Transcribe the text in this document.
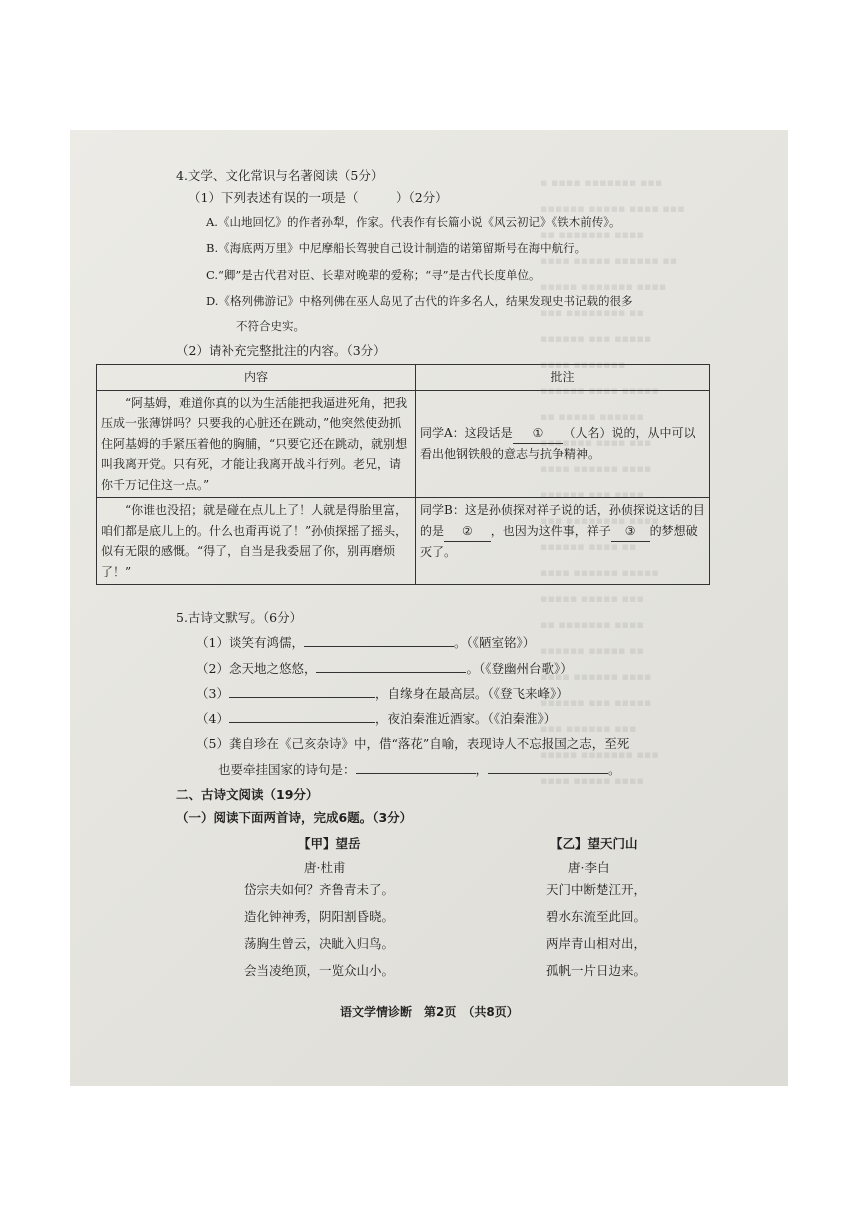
▪ ▪▪▪▪ ▪▪▪▪▪▪▪ ▪▪▪
▪▪▪▪▪▪ ▪▪▪▪▪ ▪▪▪▪ ▪▪▪
▪▪ ▪▪▪▪▪▪▪ ▪▪▪▪
▪▪▪▪ ▪▪▪▪▪ ▪▪▪▪▪▪ ▪▪
▪▪▪▪▪ ▪▪▪▪▪▪▪ ▪▪▪▪
▪▪▪ ▪▪▪▪▪▪▪▪ ▪▪
▪▪▪▪▪▪ ▪▪▪ ▪▪▪▪▪
▪▪▪▪ ▪▪▪▪▪▪▪
▪▪▪▪▪▪ ▪▪▪▪ ▪▪▪▪▪
▪▪ ▪▪▪▪▪ ▪▪▪▪▪▪
▪▪▪▪▪▪▪ ▪▪▪▪ ▪▪▪
▪▪▪▪ ▪▪▪▪▪▪ ▪▪▪▪
▪▪▪▪▪▪ ▪▪▪ ▪▪▪▪
▪▪▪ ▪▪▪▪▪▪▪▪ ▪▪▪▪
▪▪▪▪▪▪ ▪▪▪▪ ▪▪
▪▪▪▪ ▪▪▪▪▪▪ ▪▪▪▪▪
▪▪▪▪▪ ▪▪▪▪▪ ▪▪▪
▪▪ ▪▪▪▪▪▪▪ ▪▪▪▪
▪▪▪▪▪▪ ▪▪▪▪▪ ▪▪
▪▪▪▪ ▪▪▪▪▪▪ ▪▪▪▪
▪▪▪▪▪▪ ▪▪▪ ▪▪▪▪▪
▪▪▪ ▪▪▪▪▪▪ ▪▪▪
▪▪▪▪▪ ▪▪▪▪▪▪▪ ▪▪▪
▪▪▪▪ ▪▪▪▪▪ ▪▪▪▪
4.文学、文化常识与名著阅读（5分）
（1）下列表述有误的一项是（　　　）（2分）
A.《山地回忆》的作者孙犁，作家。代表作有长篇小说《风云初记》《铁木前传》。
B.《海底两万里》中尼摩船长驾驶自己设计制造的诺第留斯号在海中航行。
C.“卿”是古代君对臣、长辈对晚辈的爱称；“寻”是古代长度单位。
D.《格列佛游记》中格列佛在巫人岛见了古代的许多名人，结果发现史书记载的很多
不符合史实。
（2）请补充完整批注的内容。（3分）
内容	批注
“阿基姆，难道你真的以为生活能把我逼进死角，把我压成一张薄饼吗？只要我的心脏还在跳动，”他突然使劲抓住阿基姆的手紧压着他的胸脯，“只要它还在跳动，就别想叫我离开党。只有死，才能让我离开战斗行列。老兄，请你千万记住这一点。”	同学A：这段话是 ① （人名）说的，从中可以看出他钢铁般的意志与抗争精神。
“你谁也没招；就是碰在点儿上了！人就是得胎里富，咱们都是底儿上的。什么也甭再说了！”孙侦探摇了摇头，似有无限的感慨。“得了，自当是我委屈了你，别再磨烦了！”	同学B：这是孙侦探对祥子说的话，孙侦探说这话的目的是 ② ，也因为这件事，祥子 ③ 的梦想破灭了。
5.古诗文默写。（6分）
（1）谈笑有鸿儒，	。（《陋室铭》）
（2）念天地之悠悠，	。（《登幽州台歌》）
（3）	，自缘身在最高层。（《登飞来峰》）
（4）	，夜泊秦淮近酒家。（《泊秦淮》）
（5）龚自珍在《己亥杂诗》中，借“落花”自喻，表现诗人不忘报国之志，至死
也要牵挂国家的诗句是：	，	。
二、古诗文阅读（19分）
（一）阅读下面两首诗，完成6题。（3分）
【甲】望岳
唐·杜甫
岱宗夫如何？齐鲁青未了。
造化钟神秀，阴阳割昏晓。
荡胸生曾云，决眦入归鸟。
会当凌绝顶，一览众山小。
【乙】望天门山
唐·李白
天门中断楚江开，
碧水东流至此回。
两岸青山相对出，
孤帆一片日边来。
语文学情诊断　第2页　（共8页）
